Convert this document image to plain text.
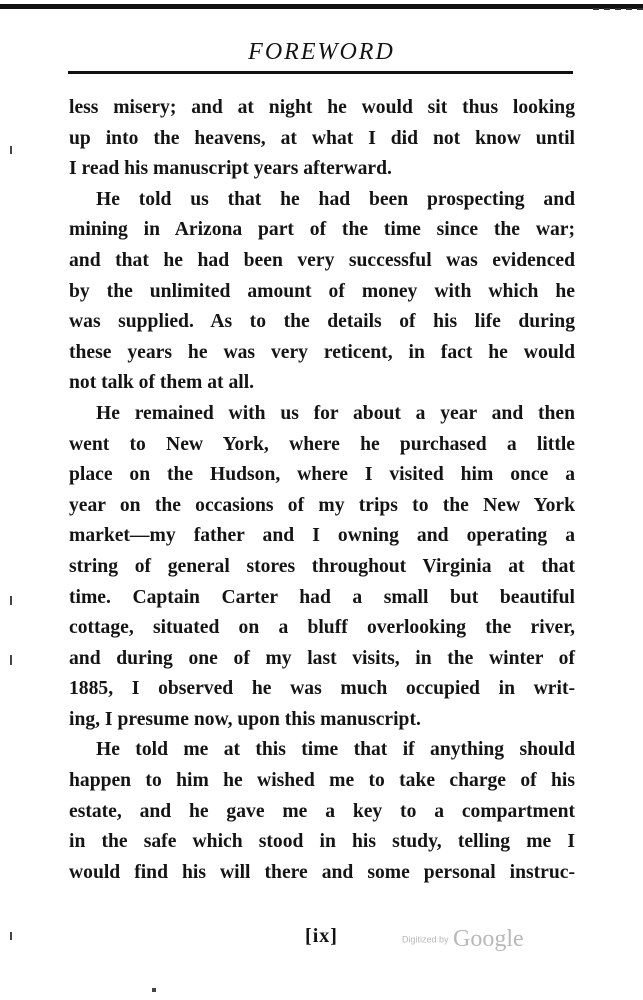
FOREWORD
less misery; and at night he would sit thus looking
up into the heavens, at what I did not know until
I read his manuscript years afterward.
He told us that he had been prospecting and
mining in Arizona part of the time since the war;
and that he had been very successful was evidenced
by the unlimited amount of money with which he
was supplied. As to the details of his life during
these years he was very reticent, in fact he would
not talk of them at all.
He remained with us for about a year and then
went to New York, where he purchased a little
place on the Hudson, where I visited him once a
year on the occasions of my trips to the New York
market—my father and I owning and operating a
string of general stores throughout Virginia at that
time. Captain Carter had a small but beautiful
cottage, situated on a bluff overlooking the river,
and during one of my last visits, in the winter of
1885, I observed he was much occupied in writ-
ing, I presume now, upon this manuscript.
He told me at this time that if anything should
happen to him he wished me to take charge of his
estate, and he gave me a key to a compartment
in the safe which stood in his study, telling me I
would find his will there and some personal instruc-
[ix]	Digitized by Google
